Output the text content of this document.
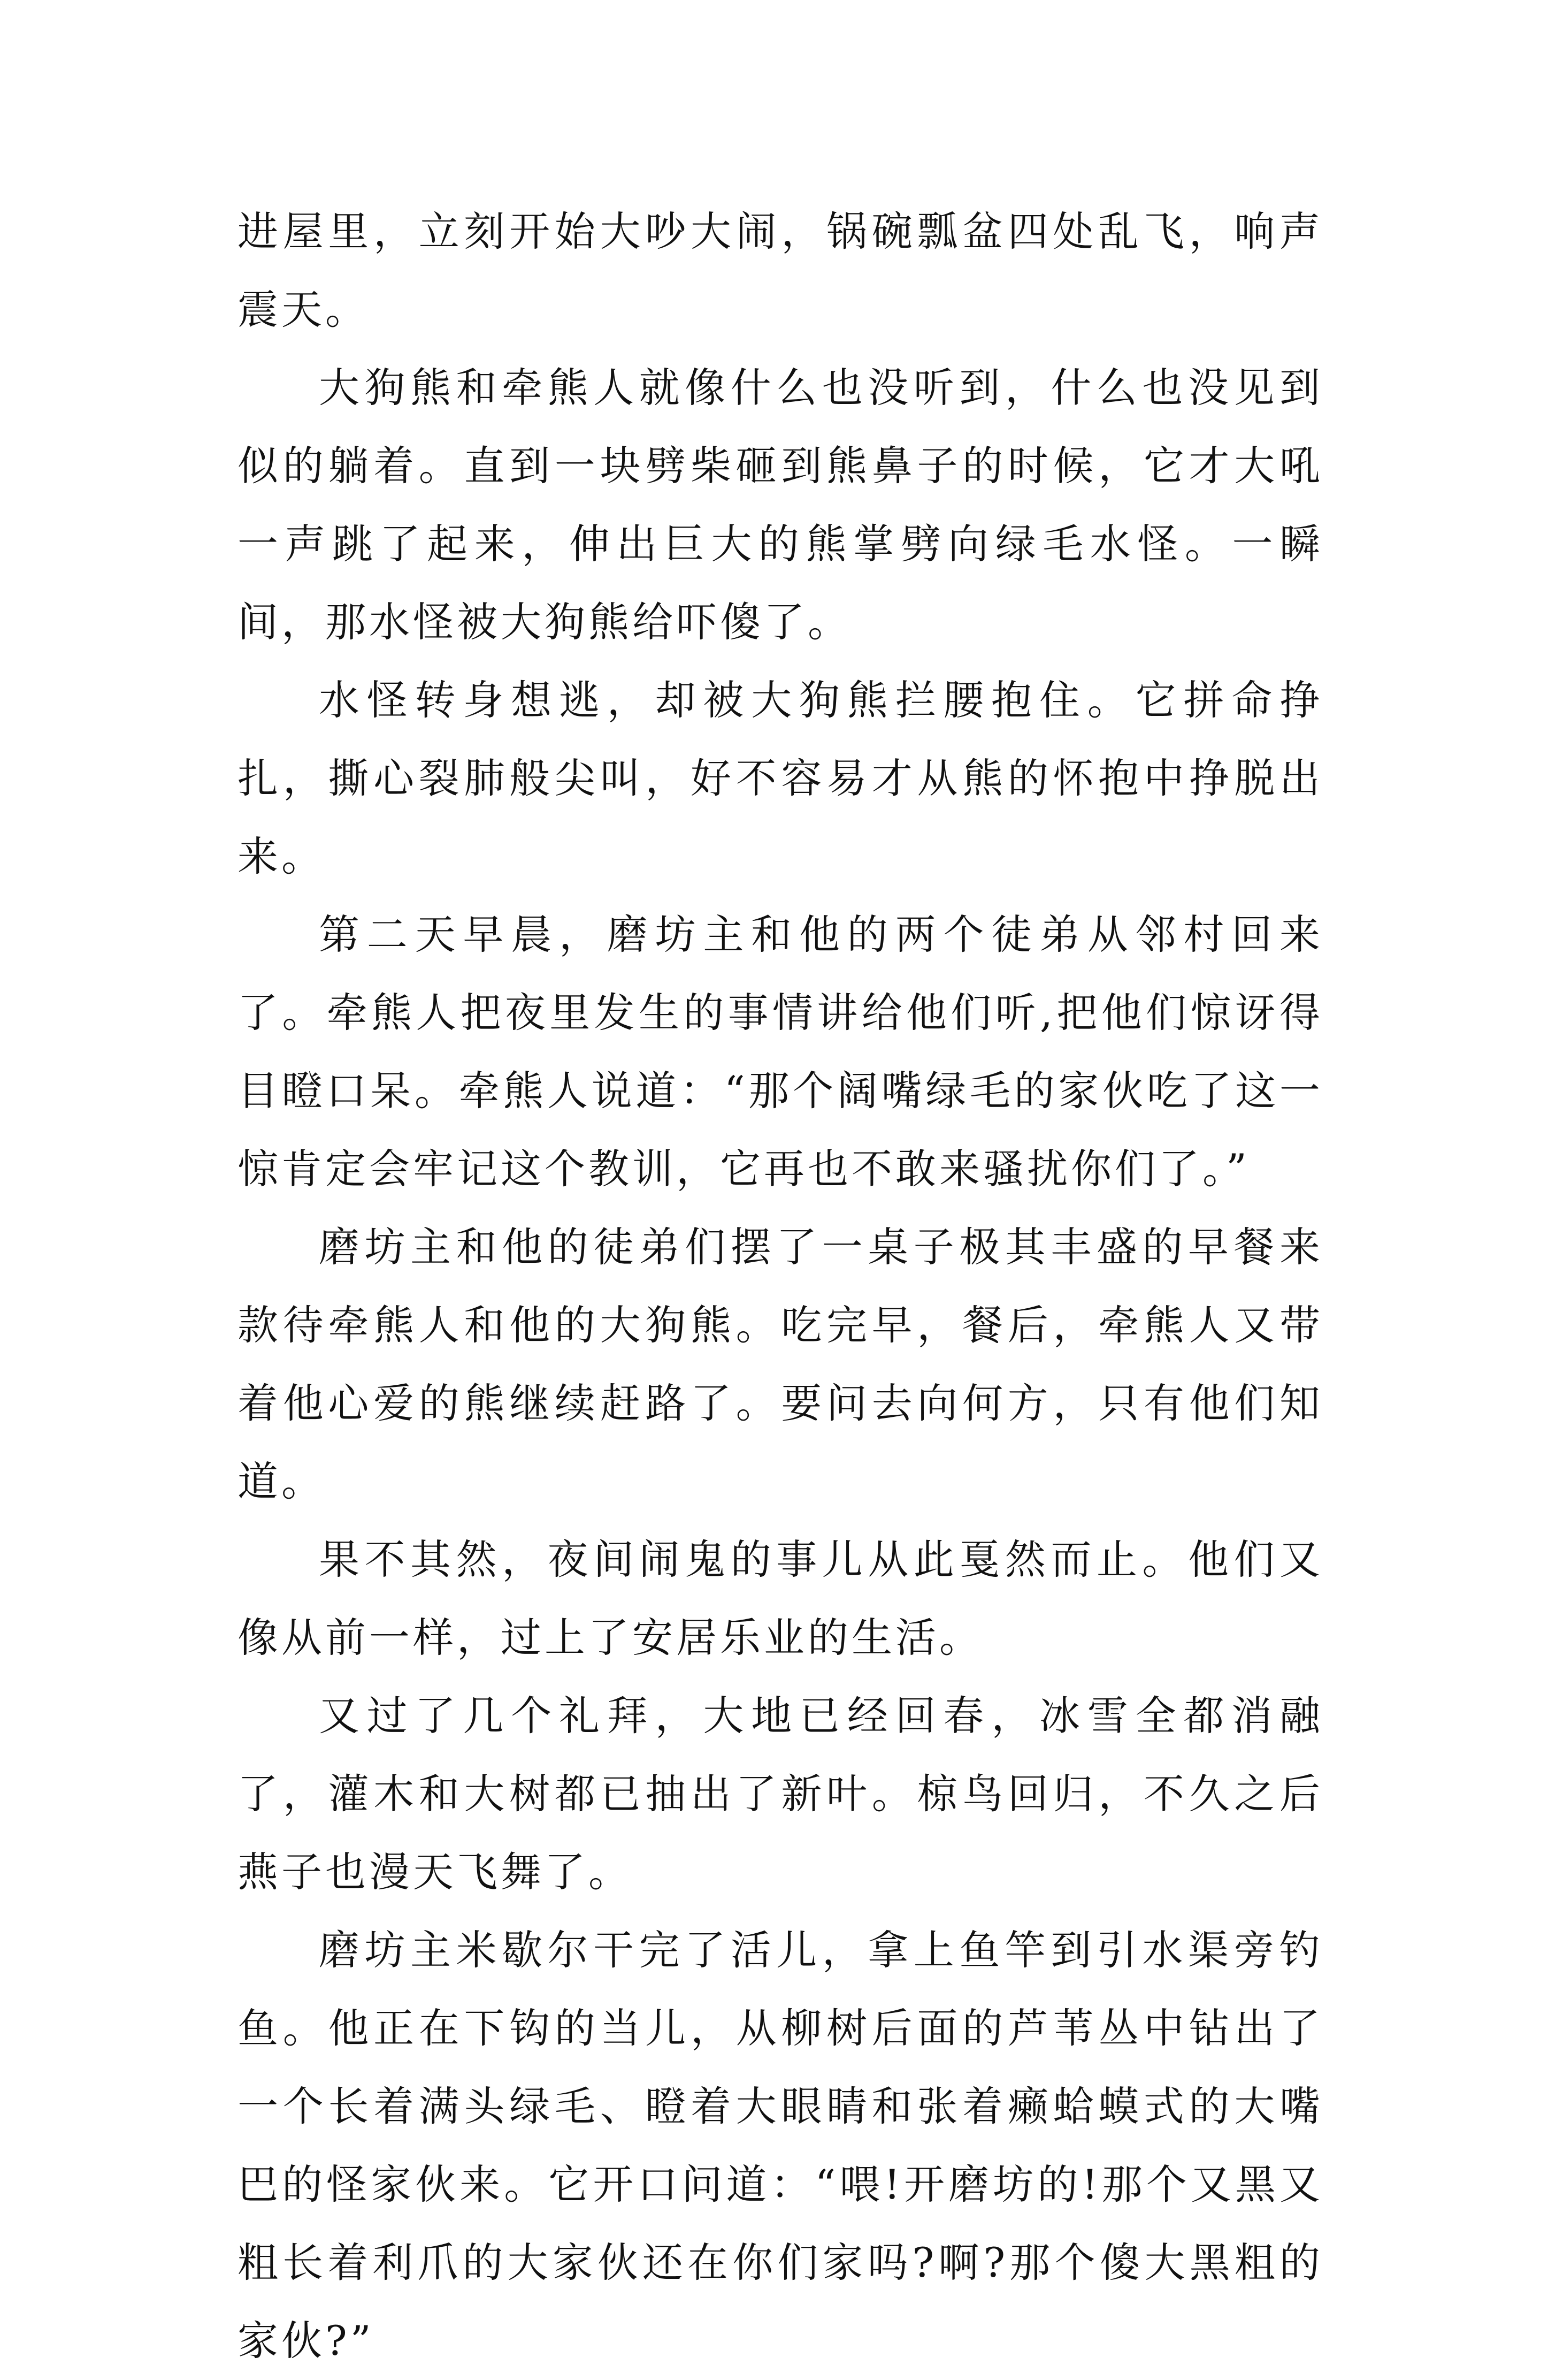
进屋里，立刻开始大吵大闹，锅碗瓢盆四处乱飞，响声震天。

大狗熊和牵熊人就像什么也没听到，什么也没见到似的躺着。直到一块劈柴砸到熊鼻子的时候，它才大吼一声跳了起来，伸出巨大的熊掌劈向绿毛水怪。一瞬间，那水怪被大狗熊给吓傻了。

水怪转身想逃，却被大狗熊拦腰抱住。它拼命挣扎，撕心裂肺般尖叫，好不容易才从熊的怀抱中挣脱出来。

第二天早晨，磨坊主和他的两个徒弟从邻村回来了。牵熊人把夜里发生的事情讲给他们听,把他们惊讶得目瞪口呆。牵熊人说道：“那个阔嘴绿毛的家伙吃了这一惊肯定会牢记这个教训，它再也不敢来骚扰你们了。”

磨坊主和他的徒弟们摆了一桌子极其丰盛的早餐来款待牵熊人和他的大狗熊。吃完早，餐后，牵熊人又带着他心爱的熊继续赶路了。要问去向何方，只有他们知道。

果不其然，夜间闹鬼的事儿从此戛然而止。他们又像从前一样，过上了安居乐业的生活。

又过了几个礼拜，大地已经回春，冰雪全都消融了，灌木和大树都已抽出了新叶。椋鸟回归，不久之后燕子也漫天飞舞了。

磨坊主米歇尔干完了活儿，拿上鱼竿到引水渠旁钓鱼。他正在下钩的当儿，从柳树后面的芦苇丛中钻出了一个长着满头绿毛、瞪着大眼睛和张着癞蛤蟆式的大嘴巴的怪家伙来。它开口问道：“喂!开磨坊的!那个又黑又粗长着利爪的大家伙还在你们家吗?啊?那个傻大黑粗的家伙?”
